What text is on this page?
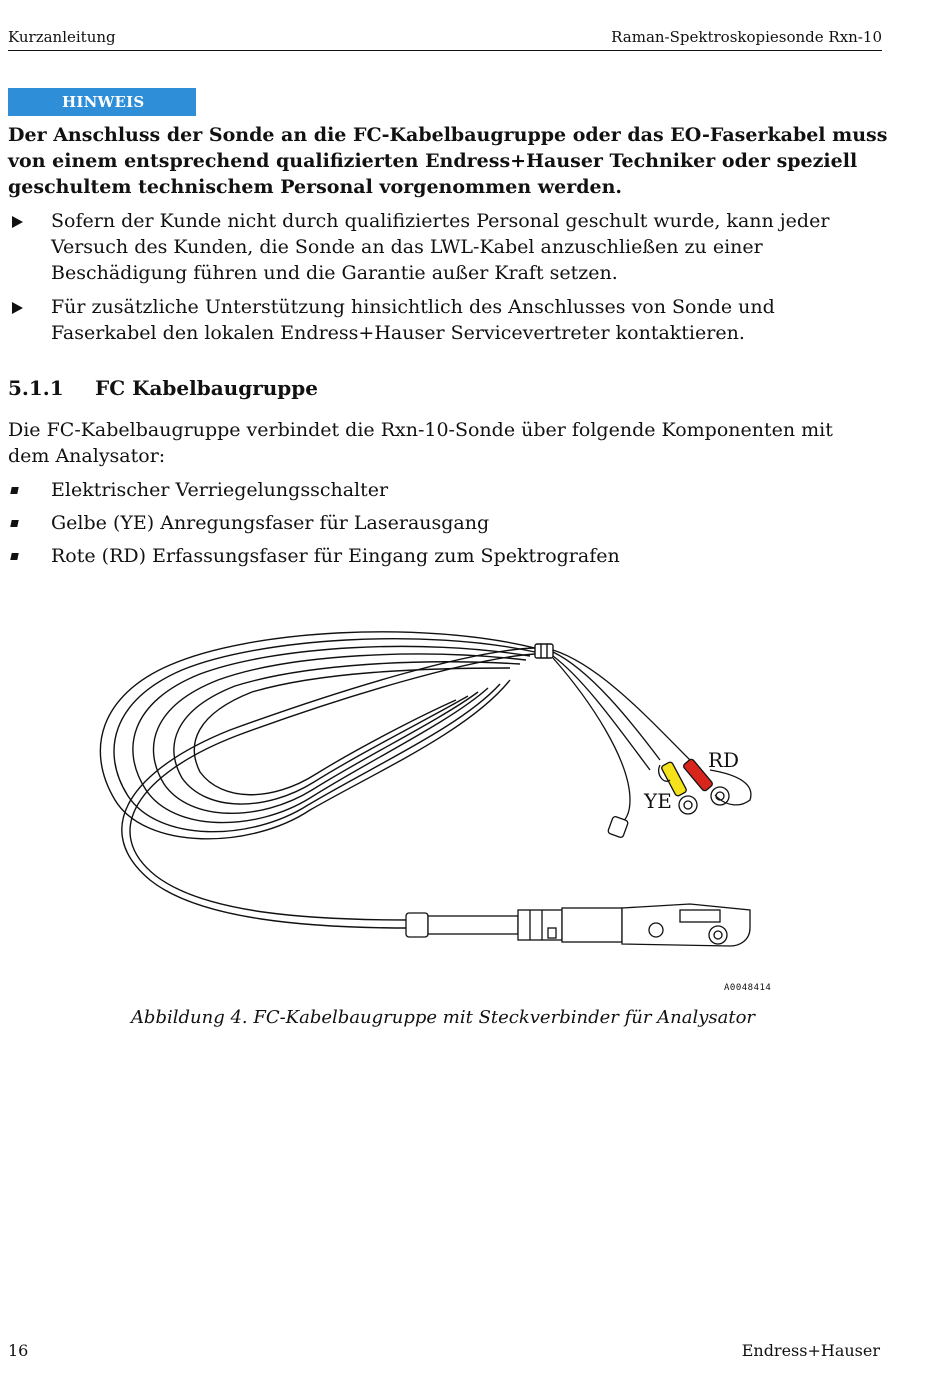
Kurzanleitung	Raman-Spektroskopiesonde Rxn-10
HINWEIS
Der Anschluss der Sonde an die FC-Kabelbaugruppe oder das EO-Faserkabel muss von einem entsprechend qualifizierten Endress+Hauser Techniker oder speziell geschultem technischem Personal vorgenommen werden.
Sofern der Kunde nicht durch qualifiziertes Personal geschult wurde, kann jeder Versuch des Kunden, die Sonde an das LWL-Kabel anzuschließen zu einer Beschädigung führen und die Garantie außer Kraft setzen.
Für zusätzliche Unterstützung hinsichtlich des Anschlusses von Sonde und Faserkabel den lokalen Endress+Hauser Servicevertreter kontaktieren.
5.1.1 FC Kabelbaugruppe
Die FC-Kabelbaugruppe verbindet die Rxn-10-Sonde über folgende Komponenten mit dem Analysator:
Elektrischer Verriegelungsschalter
Gelbe (YE) Anregungsfaser für Laserausgang
Rote (RD) Erfassungsfaser für Eingang zum Spektrografen
RD
YE
A0048414
Abbildung 4. FC-Kabelbaugruppe mit Steckverbinder für Analysator
16	Endress+Hauser
